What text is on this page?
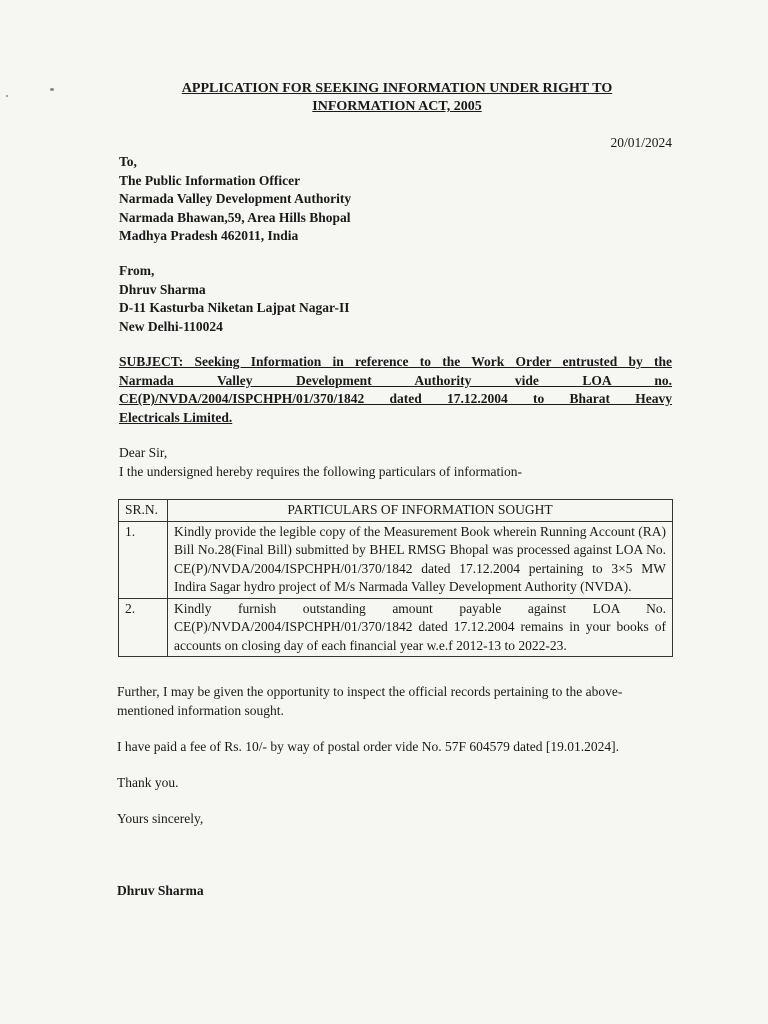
APPLICATION FOR SEEKING INFORMATION UNDER RIGHT TO
INFORMATION ACT, 2005
20/01/2024
To,
The Public Information Officer
Narmada Valley Development Authority
Narmada Bhawan,59, Area Hills Bhopal
Madhya Pradesh 462011, India
From,
Dhruv Sharma
D-11 Kasturba Niketan Lajpat Nagar-II
New Delhi-110024
SUBJECT: Seeking Information in reference to the Work Order entrusted by the
Narmada Valley Development Authority vide LOA no.
CE(P)/NVDA/2004/ISPCHPH/01/370/1842 dated 17.12.2004 to Bharat Heavy
Electricals Limited.
Dear Sir,
I the undersigned hereby requires the following particulars of information-
SR.N.	PARTICULARS OF INFORMATION SOUGHT
1.	Kindly provide the legible copy of the Measurement Book wherein Running Account (RA) Bill No.28(Final Bill) submitted by BHEL RMSG Bhopal was processed against LOA No. CE(P)/NVDA/2004/ISPCHPH/01/370/1842 dated 17.12.2004 pertaining to 3×5 MW Indira Sagar hydro project of M/s Narmada Valley Development Authority (NVDA).
2.	Kindly furnish outstanding amount payable against LOA No. CE(P)/NVDA/2004/ISPCHPH/01/370/1842 dated 17.12.2004 remains in your books of accounts on closing day of each financial year w.e.f 2012-13 to 2022-23.
Further, I may be given the opportunity to inspect the official records pertaining to the above-mentioned information sought.
I have paid a fee of Rs. 10/- by way of postal order vide No. 57F 604579 dated [19.01.2024].
Thank you.
Yours sincerely,
Dhruv Sharma
